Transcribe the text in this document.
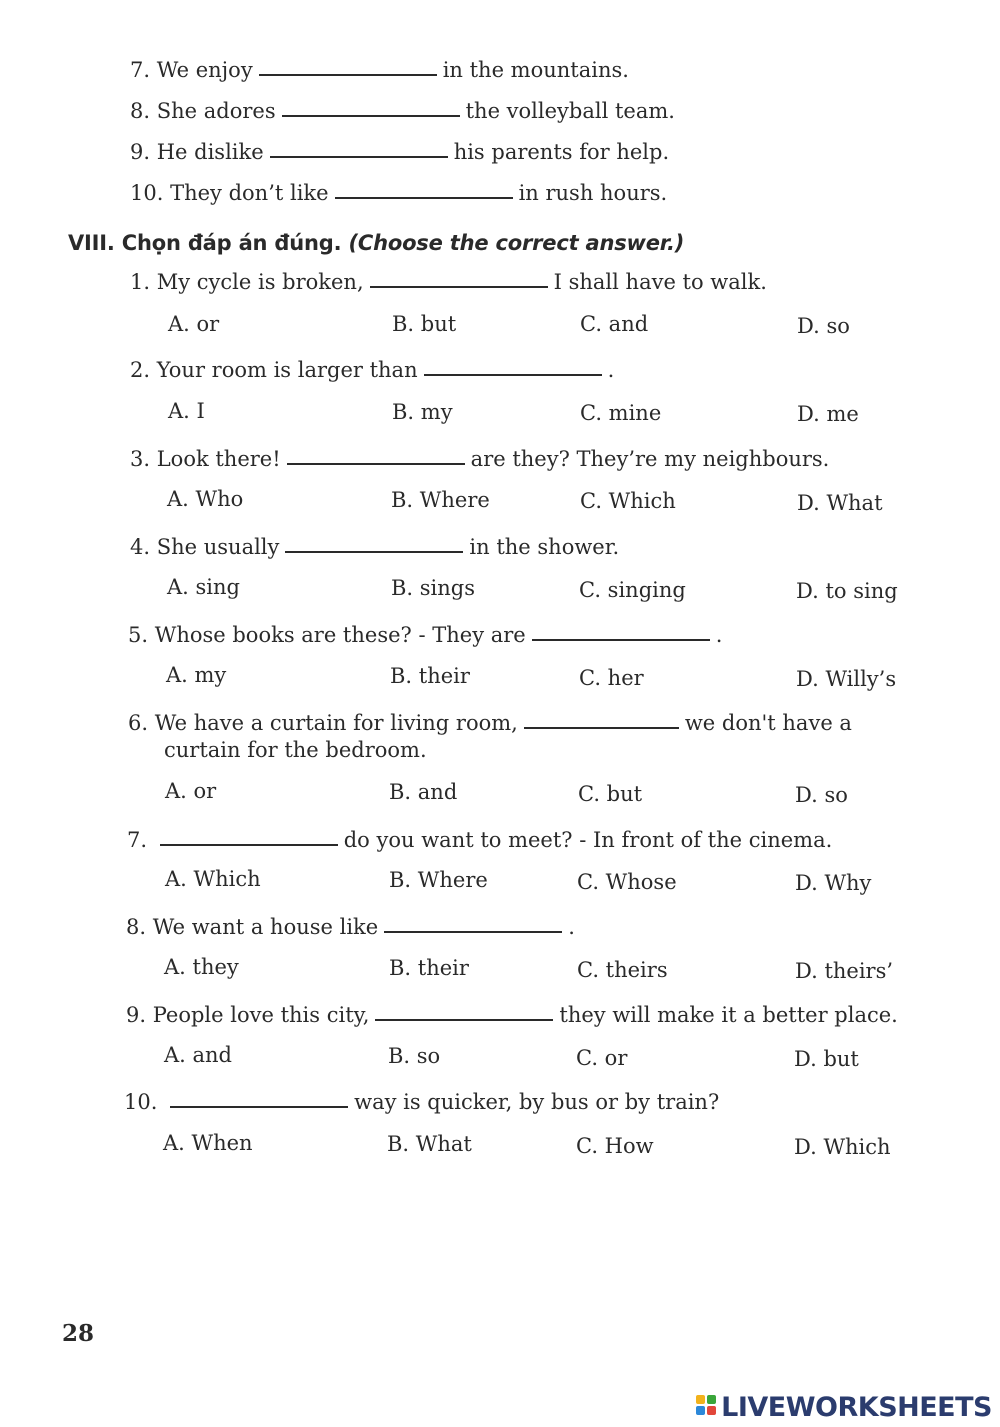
7. We enjoy	in the mountains.
8. She adores	the volleyball team.
9. He dislike	his parents for help.
10. They don’t like	in rush hours.
VIII. Chọn đáp án đúng. (Choose the correct answer.)
1. My cycle is broken,	I shall have to walk.
A. or	B. but	C. and	D. so
2. Your room is larger than	.
A. I	B. my	C. mine	D. me
3. Look there!	are they? They’re my neighbours.
A. Who	B. Where	C. Which	D. What
4. She usually	in the shower.
A. sing	B. sings	C. singing	D. to sing
5. Whose books are these? - They are	.
A. my	B. their	C. her	D. Willy’s
6. We have a curtain for living room,	we don't have a
curtain for the bedroom.
A. or	B. and	C. but	D. so
7.	do you want to meet? - In front of the cinema.
A. Which	B. Where	C. Whose	D. Why
8. We want a house like	.
A. they	B. their	C. theirs	D. theirs’
9. People love this city,	they will make it a better place.
A. and	B. so	C. or	D. but
10.	way is quicker, by bus or by train?
A. When	B. What	C. How	D. Which
28
LIVEWORKSHEETS
